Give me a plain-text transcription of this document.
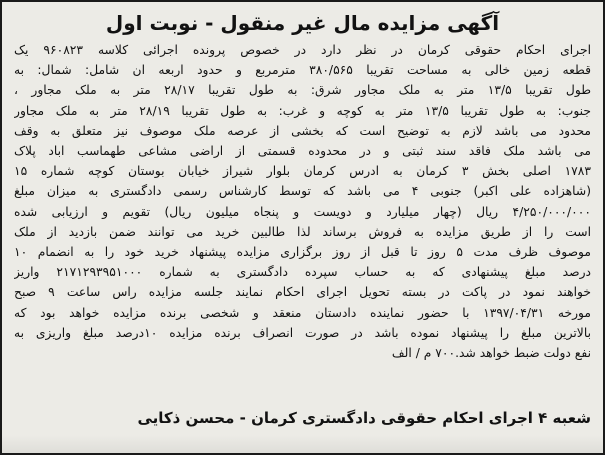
آگهی مزایده مال غیر منقول - نوبت اول
اجرای احکام حقوقی کرمان در نظر دارد در خصوص پرونده اجرائی کلاسه ۹۶۰۸۲۳ یک
قطعه زمین خالی به مساحت تقریبا ۳۸۰/۵۶۵ مترمربع و حدود اربعه ان شامل: شمال: به
طول تقریبا ۱۳/۵ متر به ملک مجاور شرق: به طول تقریبا ۲۸/۱۷ متر به ملک مجاور ،
جنوب: به طول تقریبا ۱۳/۵ متر به کوچه و غرب: به طول تقریبا ۲۸/۱۹ متر به ملک مجاور
محدود می باشد لازم به توضیح است که بخشی از عرصه ملک موصوف نیز متعلق به وقف
می باشد ملک فاقد سند ثبتی و در محدوده قسمتی از اراضی مشاعی طهماسب اباد پلاک
۱۷۸۳ اصلی بخش ۳ کرمان به ادرس کرمان بلوار شیراز خیابان بوستان کوچه شماره ۱۵
(شاهزاده علی اکبر) جنوبی ۴ می باشد که توسط کارشناس رسمی دادگستری به میزان مبلغ
۴/۲۵۰/۰۰۰/۰۰۰ ریال (چهار میلیارد و دویست و پنجاه میلیون ریال) تقویم و ارزیابی شده
است را از طریق مزایده به فروش برساند لذا طالبین خرید می توانند ضمن بازدید از ملک
موصوف ظرف مدت ۵ روز تا قبل از روز برگزاری مزایده پیشنهاد خرید خود را به انضمام ۱۰
درصد مبلغ پیشنهادی که به حساب سپرده دادگستری به شماره ۲۱۷۱۲۹۳۹۵۱۰۰۰ واریز
خواهند نمود در پاکت در بسته تحویل اجرای احکام نمایند جلسه مزایده راس ساعت ۹ صبح
مورخه ۱۳۹۷/۰۴/۳۱ با حضور نماینده دادستان منعقد و شخصی برنده مزایده خواهد بود که
بالاترین مبلغ را پیشنهاد نموده باشد در صورت انصراف برنده مزایده ۱۰درصد مبلغ واریزی به
نفع دولت ضبط خواهد شد.۷۰۰ م / الف
شعبه ۴ اجرای احکام حقوقی دادگستری کرمان - محسن ذکایی
